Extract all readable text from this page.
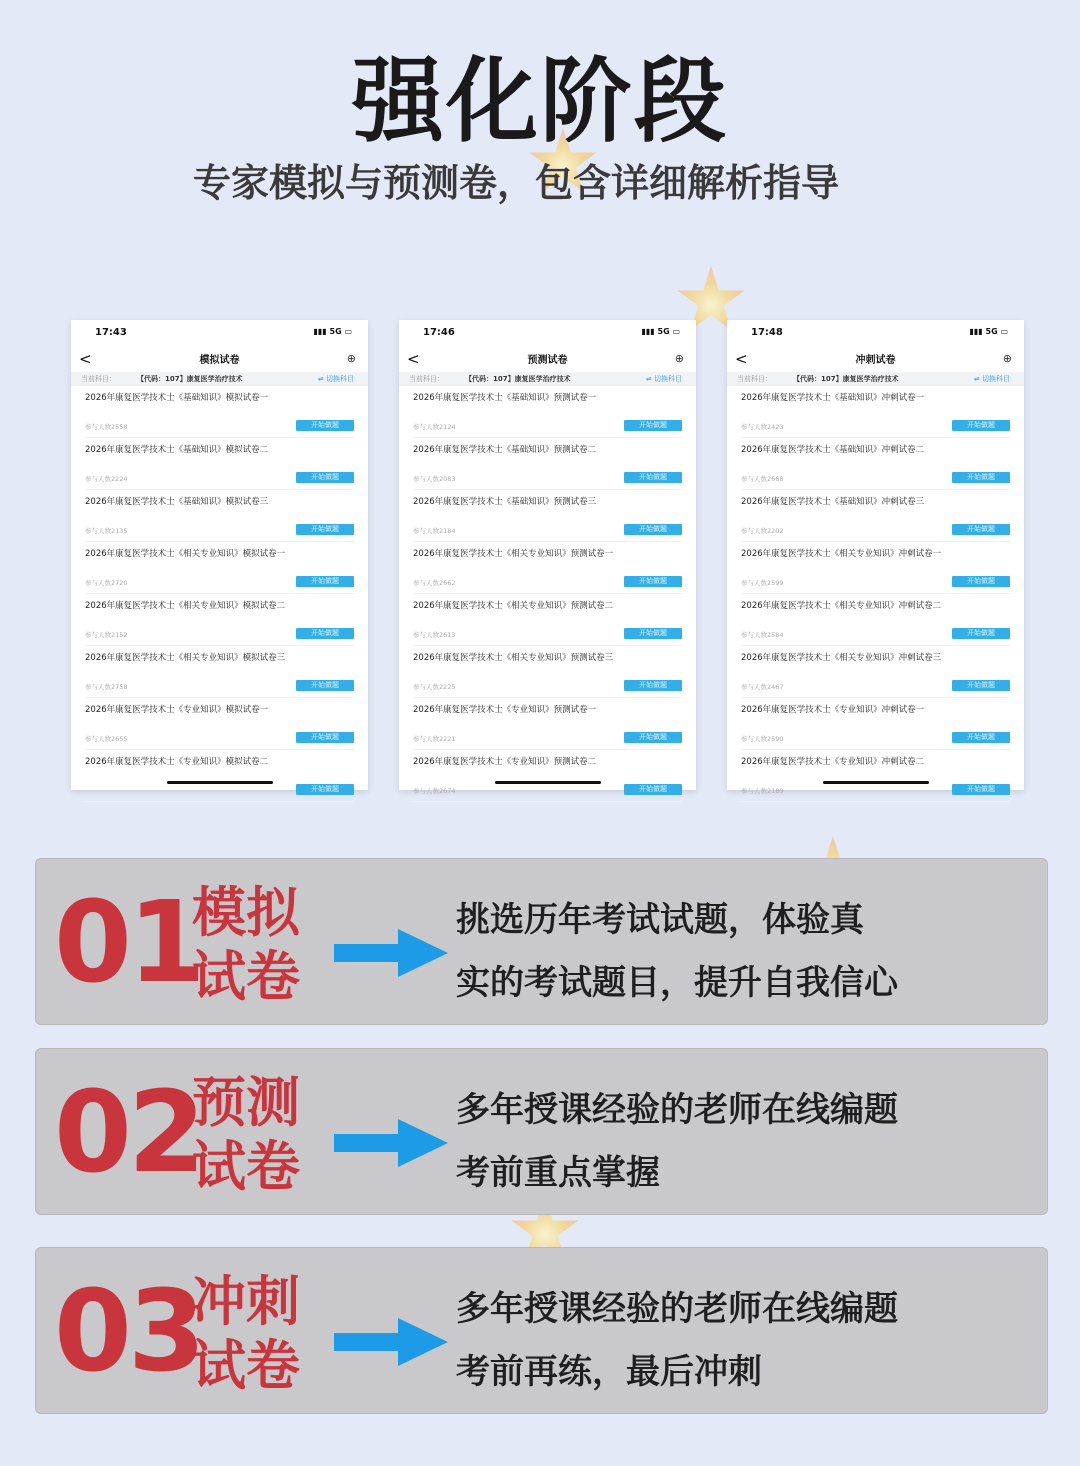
强化阶段
专家模拟与预测卷，包含详细解析指导
17:43	▮▮▮ 5G ▭
<	模拟试卷	⊕
当前科目：	【代码：107】康复医学治疗技术	⇌ 切换科目
2026年康复医学技术士《基础知识》模拟试卷一
参与人数2558	开始做题
2026年康复医学技术士《基础知识》模拟试卷二
参与人数2224	开始做题
2026年康复医学技术士《基础知识》模拟试卷三
参与人数2135	开始做题
2026年康复医学技术士《相关专业知识》模拟试卷一
参与人数2720	开始做题
2026年康复医学技术士《相关专业知识》模拟试卷二
参与人数2152	开始做题
2026年康复医学技术士《相关专业知识》模拟试卷三
参与人数2758	开始做题
2026年康复医学技术士《专业知识》模拟试卷一
参与人数2655	开始做题
2026年康复医学技术士《专业知识》模拟试卷二
开始做题
17:46	▮▮▮ 5G ▭
<	预测试卷	⊕
当前科目：	【代码：107】康复医学治疗技术	⇌ 切换科目
2026年康复医学技术士《基础知识》预测试卷一
参与人数2124	开始做题
2026年康复医学技术士《基础知识》预测试卷二
参与人数2083	开始做题
2026年康复医学技术士《基础知识》预测试卷三
参与人数2184	开始做题
2026年康复医学技术士《相关专业知识》预测试卷一
参与人数2662	开始做题
2026年康复医学技术士《相关专业知识》预测试卷二
参与人数2613	开始做题
2026年康复医学技术士《相关专业知识》预测试卷三
参与人数2225	开始做题
2026年康复医学技术士《专业知识》预测试卷一
参与人数2221	开始做题
2026年康复医学技术士《专业知识》预测试卷二
参与人数2674	开始做题
17:48	▮▮▮ 5G ▭
<	冲刺试卷	⊕
当前科目：	【代码：107】康复医学治疗技术	⇌ 切换科目
2026年康复医学技术士《基础知识》冲刺试卷一
参与人数2423	开始做题
2026年康复医学技术士《基础知识》冲刺试卷二
参与人数2668	开始做题
2026年康复医学技术士《基础知识》冲刺试卷三
参与人数2202	开始做题
2026年康复医学技术士《相关专业知识》冲刺试卷一
参与人数2599	开始做题
2026年康复医学技术士《相关专业知识》冲刺试卷二
参与人数2584	开始做题
2026年康复医学技术士《相关专业知识》冲刺试卷三
参与人数2467	开始做题
2026年康复医学技术士《专业知识》冲刺试卷一
参与人数2590	开始做题
2026年康复医学技术士《专业知识》冲刺试卷二
参与人数2189	开始做题
01
模拟
试卷
挑选历年考试试题，体验真
实的考试题目，提升自我信心
02
预测
试卷
多年授课经验的老师在线编题
考前重点掌握
03
冲刺
试卷
多年授课经验的老师在线编题
考前再练，最后冲刺
